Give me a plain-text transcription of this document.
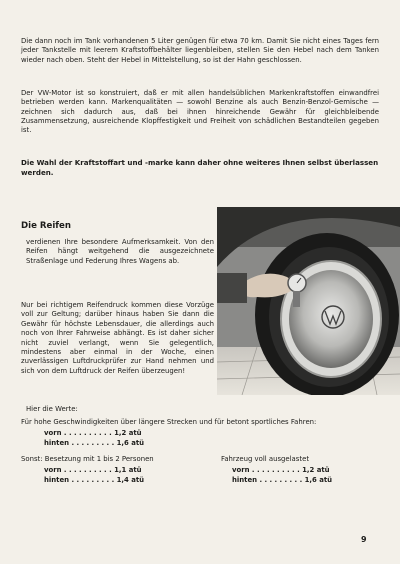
Die dann noch im Tank vorhandenen 5 Liter genügen für etwa 70 km. Damit Sie nicht eines Tages fern jeder Tankstelle mit leerem Kraftstoffbehälter liegenbleiben, stellen Sie den Hebel nach dem Tanken wieder nach oben. Steht der Hebel in Mittelstellung, so ist der Hahn geschlossen.

Der VW-Motor ist so konstruiert, daß er mit allen handelsüblichen Markenkraftstoffen einwandfrei betrieben werden kann. Markenqualitäten — sowohl Benzine als auch Benzin-Benzol-Gemische — zeichnen sich dadurch aus, daß bei ihnen hinreichende Gewähr für gleichbleibende Zusammensetzung, ausreichende Klopffestigkeit und Freiheit von schädlichen Bestandteilen gegeben ist.

Die Wahl der Kraftstoffart und -marke kann daher ohne weiteres Ihnen selbst überlassen werden.

Die Reifen

verdienen Ihre besondere Aufmerksamkeit. Von den Reifen hängt weitgehend die ausgezeichnete Straßenlage und Federung Ihres Wagens ab.

Nur bei richtigem Reifendruck kommen diese Vorzüge voll zur Geltung; darüber hinaus haben Sie dann die Gewähr für höchste Lebensdauer, die allerdings auch noch von Ihrer Fahrweise abhängt. Es ist daher sicher nicht zuviel verlangt, wenn Sie gelegentlich, mindestens aber einmal in der Woche, einen zuverlässigen Luftdruckprüfer zur Hand nehmen und sich von dem Luftdruck der Reifen überzeugen!

Hier die Werte:

Für hohe Geschwindigkeiten über längere Strecken und für betont sportliches Fahren:

vorn . . . . . . . . . . 1,2 atü

hinten . . . . . . . . . 1,6 atü

Sonst: Besetzung mit 1 bis 2 Personen	Fahrzeug voll ausgelastet

vorn . . . . . . . . . . 1,1 atü

hinten . . . . . . . . . 1,4 atü

vorn . . . . . . . . . . 1,2 atü

hinten . . . . . . . . . 1,6 atü

9
